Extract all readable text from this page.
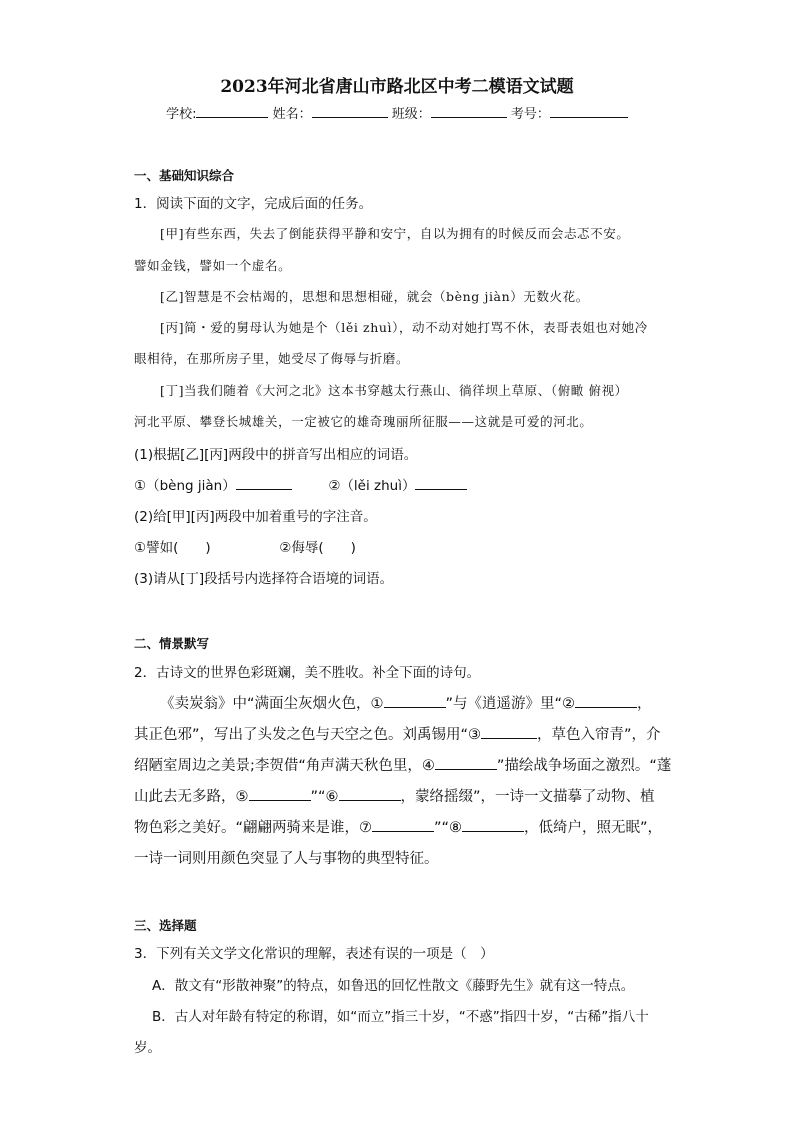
2023年河北省唐山市路北区中考二模语文试题
学校:	姓名：	班级：	考号：
一、基础知识综合
1．阅读下面的文字，完成后面的任务。
[甲]有些东西，失去了倒能获得平静和安宁，自以为拥有的时候反而会忐忑不安。
譬如金钱，譬如一个虚名。
[乙]智慧是不会枯竭的，思想和思想相碰，就会（bèng jiàn）无数火花。
[丙]简・爱的舅母认为她是个（lěi zhuì），动不动对她打骂不休，表哥表姐也对她冷
眼相待，在那所房子里，她受尽了侮辱与折磨。
[丁]当我们随着《大河之北》这本书穿越太行燕山、徜徉坝上草原、（俯瞰 俯视）
河北平原、攀登长城雄关，一定被它的雄奇瑰丽所征服——这就是可爱的河北。
(1)根据[乙][丙]两段中的拼音写出相应的词语。
①（bèng jiàn）	②（lěi zhuì）
(2)给[甲][丙]两段中加着重号的字注音。
①譬如(　　)	②侮辱(　　)
(3)请从[丁]段括号内选择符合语境的词语。
二、情景默写
2．古诗文的世界色彩斑斓，美不胜收。补全下面的诗句。
《卖炭翁》中“满面尘灰烟火色，①	”与《逍遥游》里“②	，
其正色邪”，写出了头发之色与天空之色。刘禹锡用“③	，草色入帘青”，介
绍陋室周边之美景;李贺借“角声满天秋色里，④	”描绘战争场面之激烈。“蓬
山此去无多路，⑤	”“⑥	，蒙络摇缀”，一诗一文描摹了动物、植
物色彩之美好。“翩翩两骑来是谁，⑦	”“⑧	，低绮户，照无眠”，
一诗一词则用颜色突显了人与事物的典型特征。
三、选择题
3．下列有关文学文化常识的理解，表述有误的一项是（　）
A．散文有“形散神聚”的特点，如鲁迅的回忆性散文《藤野先生》就有这一特点。
B．古人对年龄有特定的称谓，如“而立”指三十岁，“不惑”指四十岁，“古稀”指八十
岁。
